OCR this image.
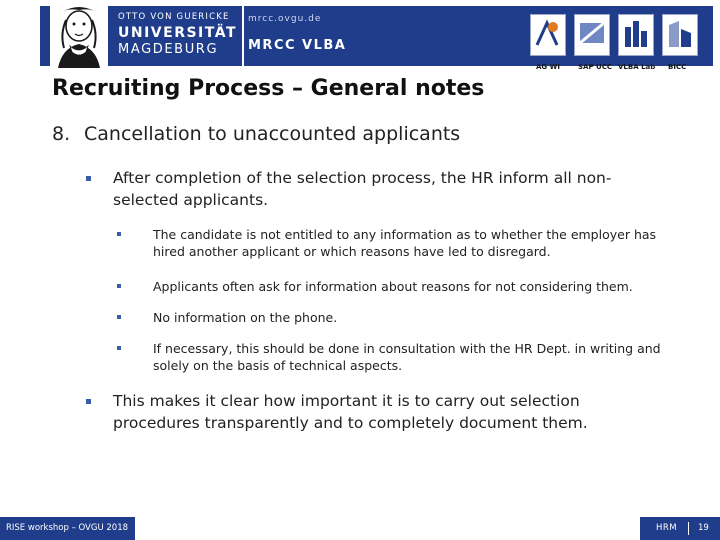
OTTO VON GUERICKE
UNIVERSITÄT
MAGDEBURG
mrcc.ovgu.de
MRCC VLBA
AG WI	SAP UCC VLBA Lab BICC
Recruiting Process – General notes
8. Cancellation to unaccounted applicants
After completion of the selection process, the HR inform all non-selected applicants.
The candidate is not entitled to any information as to whether the employer has hired another applicant or which reasons have led to disregard.
Applicants often ask for information about reasons for not considering them.
No information on the phone.
If necessary, this should be done in consultation with the HR Dept. in writing and solely on the basis of technical aspects.
This makes it clear how important it is to carry out selection procedures transparently and to completely document them.
RISE workshop – OVGU 2018	HRM 19
